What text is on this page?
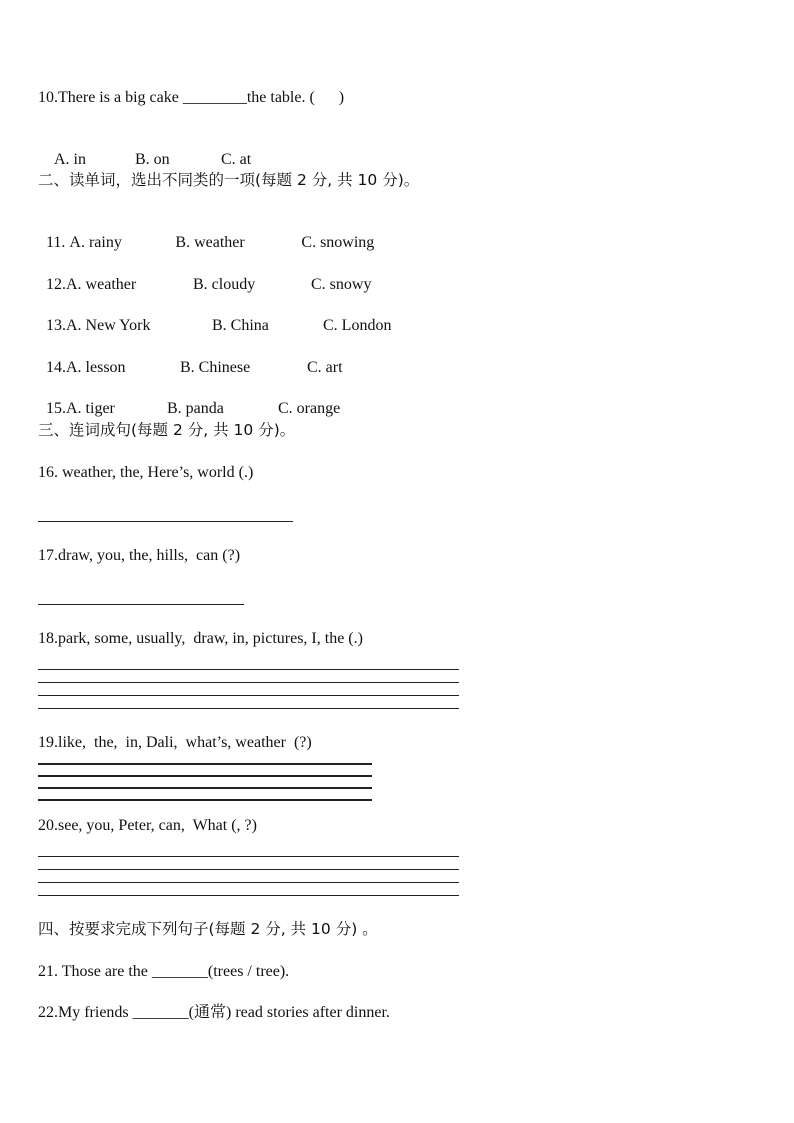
10.There is a big cake ________the table. (      )

A. in	B. on	C. at

二、读单词，选出不同类的一项(每题 2 分, 共 10 分)。

11. A. rainy	B. weather	C. snowing

12.A. weather	B. cloudy	C. snowy

13.A. New York	B. China	C. London

14.A. lesson	B. Chinese	C. art

15.A. tiger	B. panda	C. orange

三、连词成句(每题 2 分, 共 10 分)。
16. weather, the, Here’s, world (.)
17.draw, you, the, hills,  can (?)
18.park, some, usually,  draw, in, pictures, I, the (.)
19.like,  the,  in, Dali,  what’s, weather  (?)
20.see, you, Peter, can,  What (, ?)
四、按要求完成下列句子(每题 2 分, 共 10 分) 。
21. Those are the _______(trees / tree).
22.My friends _______(通常) read stories after dinner.
